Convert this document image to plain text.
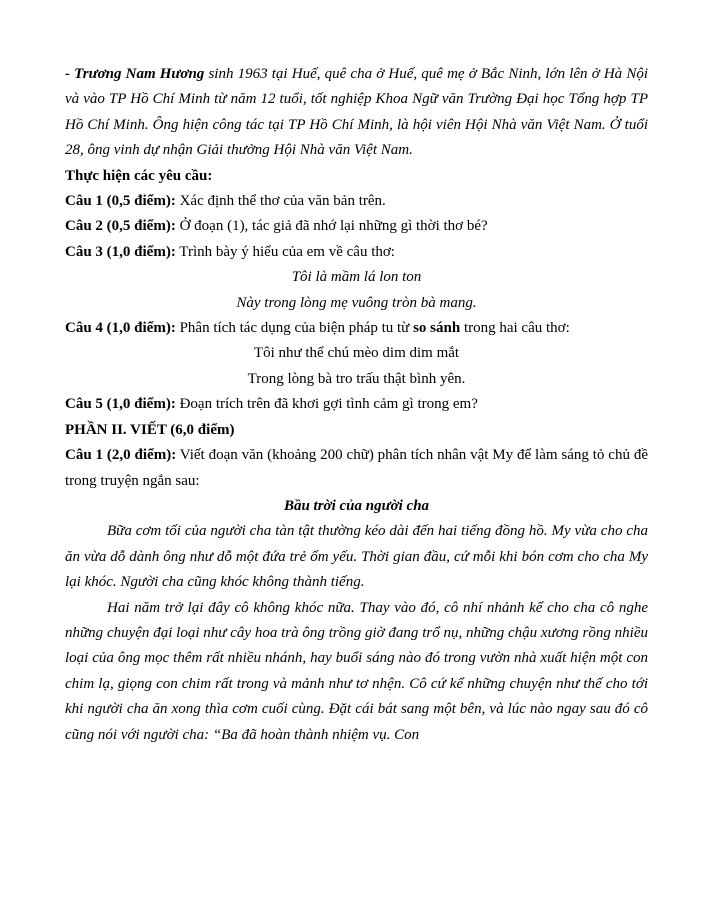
- Trương Nam Hương sinh 1963 tại Huế, quê cha ở Huế, quê mẹ ở Bắc Ninh, lớn lên ở Hà Nội và vào TP Hồ Chí Minh từ năm 12 tuổi, tốt nghiệp Khoa Ngữ văn Trường Đại học Tổng hợp TP Hồ Chí Minh. Ông hiện công tác tại TP Hồ Chí Minh, là hội viên Hội Nhà văn Việt Nam. Ở tuổi 28, ông vinh dự nhận Giải thưởng Hội Nhà văn Việt Nam.

Thực hiện các yêu cầu:

Câu 1 (0,5 điểm): Xác định thể thơ của văn bản trên.

Câu 2 (0,5 điểm): Ở đoạn (1), tác giả đã nhớ lại những gì thời thơ bé?

Câu 3 (1,0 điểm): Trình bày ý hiểu của em về câu thơ:

Tôi là mầm lá lon ton

Này trong lòng mẹ vuông tròn bà mang.

Câu 4 (1,0 điểm): Phân tích tác dụng của biện pháp tu từ so sánh trong hai câu thơ:

Tôi như thể chú mèo dim dim mắt

Trong lòng bà tro trấu thật bình yên.

Câu 5 (1,0 điểm): Đoạn trích trên đã khơi gợi tình cảm gì trong em?

PHẦN II. VIẾT (6,0 điểm)

Câu 1 (2,0 điểm): Viết đoạn văn (khoảng 200 chữ) phân tích nhân vật My để làm sáng tỏ chủ đề trong truyện ngắn sau:

Bầu trời của người cha

Bữa cơm tối của người cha tàn tật thường kéo dài đến hai tiếng đồng hồ. My vừa cho cha ăn vừa dỗ dành ông như dỗ một đứa trẻ ốm yếu. Thời gian đầu, cứ mỗi khi bón cơm cho cha My lại khóc. Người cha cũng khóc không thành tiếng.

Hai năm trở lại đây cô không khóc nữa. Thay vào đó, cô nhí nhảnh kể cho cha cô nghe những chuyện đại loại như cây hoa trà ông trồng giờ đang trổ nụ, những chậu xương rồng nhiều loại của ông mọc thêm rất nhiều nhánh, hay buổi sáng nào đó trong vườn nhà xuất hiện một con chim lạ, giọng con chim rất trong và mảnh như tơ nhện. Cô cứ kể những chuyện như thế cho tới khi người cha ăn xong thìa cơm cuối cùng. Đặt cái bát sang một bên, và lúc nào ngay sau đó cô cũng nói với người cha: “Ba đã hoàn thành nhiệm vụ. Con
